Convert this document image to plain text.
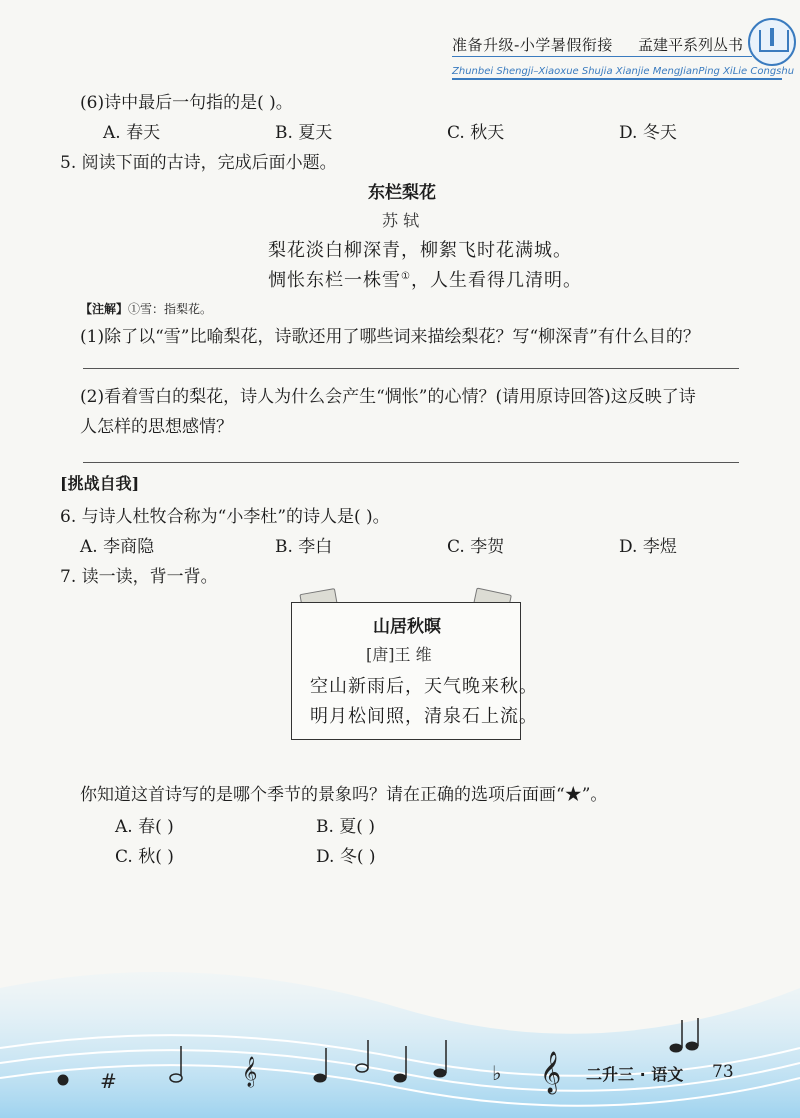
准备升级-小学暑假衔接 孟建平系列丛书
Zhunbei Shengji–Xiaoxue Shujia Xianjie MengJianPing XiLie Congshu
(6)诗中最后一句指的是( )。
A. 春天	B. 夏天	C. 秋天	D. 冬天
5. 阅读下面的古诗，完成后面小题。
东栏梨花
苏 轼
梨花淡白柳深青，柳絮飞时花满城。
惆怅东栏一株雪①，人生看得几清明。
【注解】①雪：指梨花。
(1)除了以“雪”比喻梨花，诗歌还用了哪些词来描绘梨花？写“柳深青”有什么目的？
(2)看着雪白的梨花，诗人为什么会产生“惆怅”的心情？(请用原诗回答)这反映了诗
人怎样的思想感情？
[挑战自我]
6. 与诗人杜牧合称为“小李杜”的诗人是( )。
A. 李商隐	B. 李白	C. 李贺	D. 李煜
7. 读一读，背一背。
山居秋暝
[唐]王 维
空山新雨后，天气晚来秋。
明月松间照，清泉石上流。
你知道这首诗写的是哪个季节的景象吗？请在正确的选项后面画“★”。
A. 春( )	B. 夏( )
C. 秋( )	D. 冬( )
#	𝄞	♭ 𝄞 二升三 · 语文 73
